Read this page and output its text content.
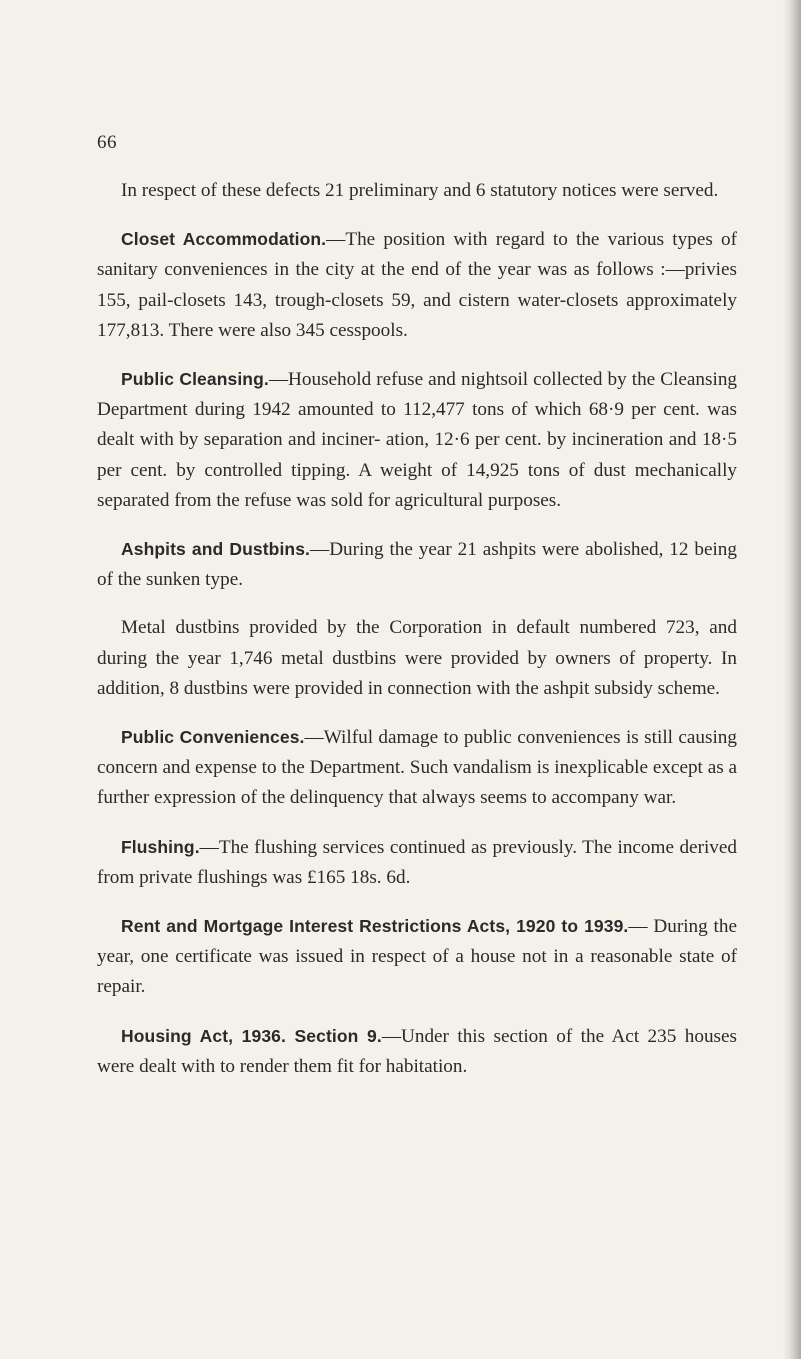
66

In respect of these defects 21 preliminary and 6 statutory notices were served.

Closet Accommodation.—The position with regard to the various types of sanitary conveniences in the city at the end of the year was as follows :—privies 155, pail-closets 143, trough-closets 59, and cistern water-closets approximately 177,813. There were also 345 cesspools.

Public Cleansing.—Household refuse and nightsoil collected by the Cleansing Department during 1942 amounted to 112,477 tons of which 68·9 per cent. was dealt with by separation and inciner- ation, 12·6 per cent. by incineration and 18·5 per cent. by controlled tipping. A weight of 14,925 tons of dust mechanically separated from the refuse was sold for agricultural purposes.

Ashpits and Dustbins.—During the year 21 ashpits were abolished, 12 being of the sunken type.

Metal dustbins provided by the Corporation in default numbered 723, and during the year 1,746 metal dustbins were provided by owners of property. In addition, 8 dustbins were provided in connection with the ashpit subsidy scheme.

Public Conveniences.—Wilful damage to public conveniences is still causing concern and expense to the Department. Such vandalism is inexplicable except as a further expression of the delinquency that always seems to accompany war.

Flushing.—The flushing services continued as previously. The income derived from private flushings was £165 18s. 6d.

Rent and Mortgage Interest Restrictions Acts, 1920 to 1939.— During the year, one certificate was issued in respect of a house not in a reasonable state of repair.

Housing Act, 1936. Section 9.—Under this section of the Act 235 houses were dealt with to render them fit for habitation.
